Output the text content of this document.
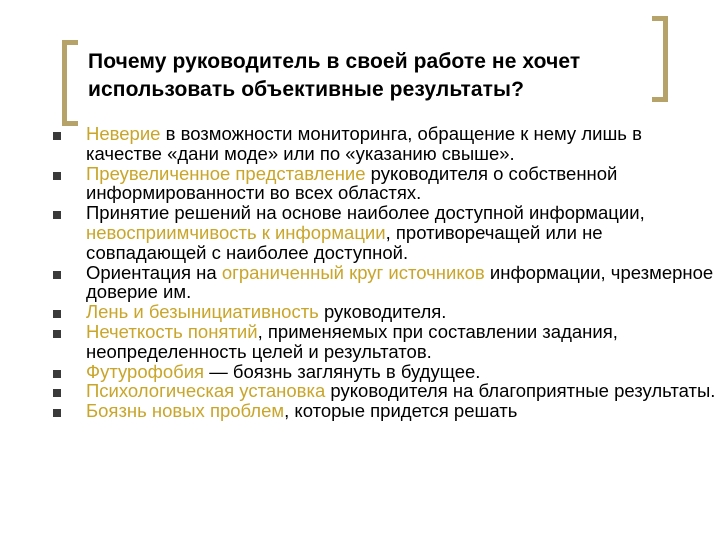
Почему руководитель в своей работе не хочет использовать объективные результаты?
Неверие в возможности мониторинга, обращение к нему лишь в качестве «дани моде» или по «указанию свыше».
Преувеличенное представление руководителя о собственной информированности во всех областях.
Принятие решений на основе наиболее доступной информации, невосприимчивость к информации, противоречащей или не совпадающей с наиболее доступной.
Ориентация на ограниченный круг источников информации, чрезмерное доверие им.
Лень и безынициативность руководителя.
Нечеткость понятий, применяемых при составлении задания, неопределенность целей и результатов.
Футурофобия — боязнь заглянуть в будущее.
Психологическая установка руководителя на благоприятные результаты.
Боязнь новых проблем, которые придется решать
